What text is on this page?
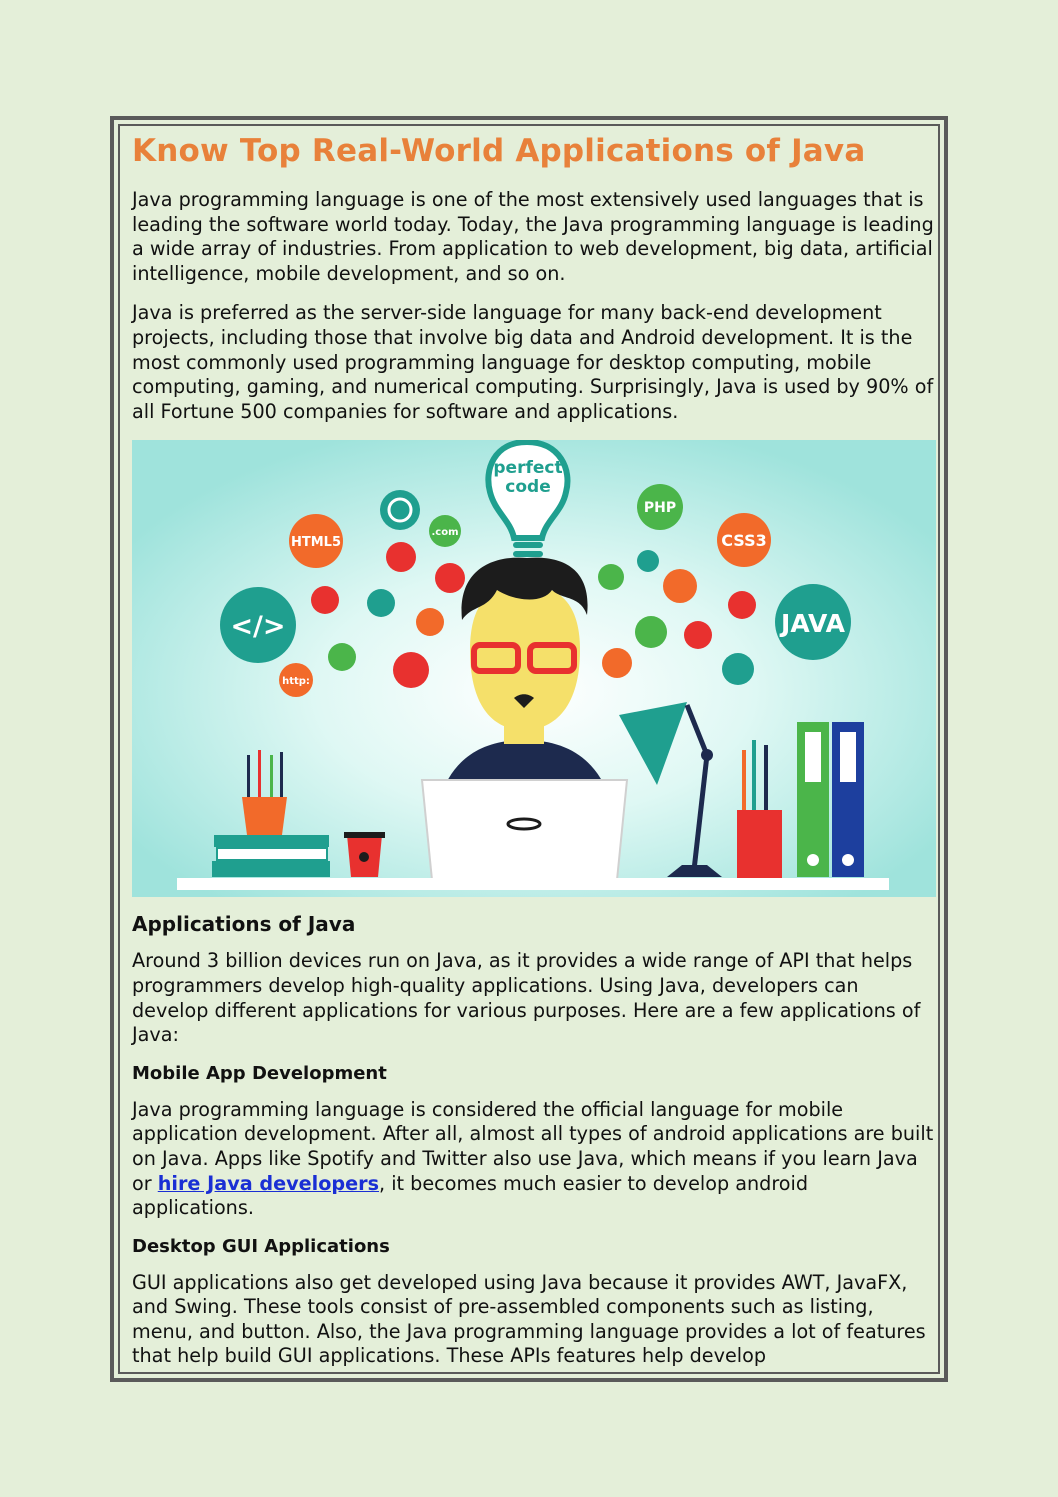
Know Top Real-World Applications of Java

Java programming language is one of the most extensively used languages that is leading the software world today. Today, the Java programming language is leading a wide array of industries. From application to web development, big data, artificial intelligence, mobile development, and so on.

Java is preferred as the server-side language for many back-end development projects, including those that involve big data and Android development. It is the most commonly used programming language for desktop computing, mobile computing, gaming, and numerical computing. Surprisingly, Java is used by 90% of all Fortune 500 companies for software and applications.

perfect
code
</>
HTML5
PHP
CSS3
JAVA
http:
.com
Applications of Java

Around 3 billion devices run on Java, as it provides a wide range of API that helps programmers develop high-quality applications. Using Java, developers can develop different applications for various purposes. Here are a few applications of Java:

Mobile App Development

Java programming language is considered the official language for mobile application development. After all, almost all types of android applications are built on Java. Apps like Spotify and Twitter also use Java, which means if you learn Java or hire Java developers, it becomes much easier to develop android applications.

Desktop GUI Applications

GUI applications also get developed using Java because it provides AWT, JavaFX, and Swing. These tools consist of pre-assembled components such as listing, menu, and button. Also, the Java programming language provides a lot of features that help build GUI applications. These APIs features help develop
